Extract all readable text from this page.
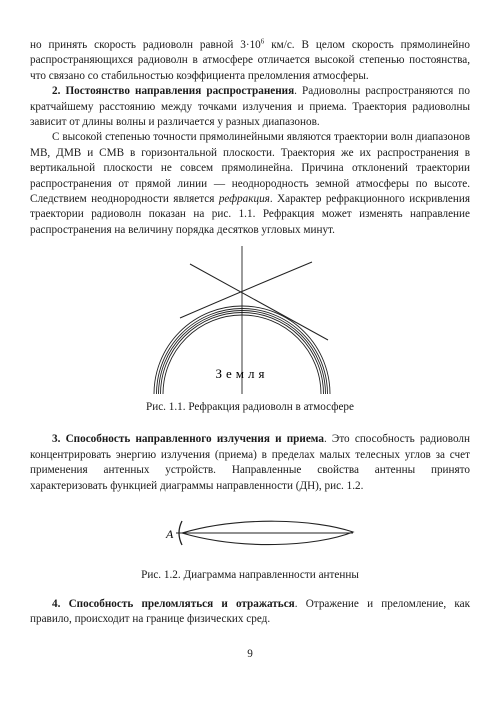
но принять скорость радиоволн равной $3\cdot 10^6$ км/с. В целом скорость прямолинейно распространяющихся радиоволн в атмосфере отличается высокой степенью постоянства, что связано со стабильностью коэффициента преломления атмосферы.

2. Постоянство направления распространения. Радиоволны распространяются по кратчайшему расстоянию между точками излучения и приема. Траектория радиоволны зависит от длины волны и различается у разных диапазонов.

С высокой степенью точности прямолинейными являются траектории волн диапазонов МВ, ДМВ и СМВ в горизонтальной плоскости. Траектория же их распространения в вертикальной плоскости не совсем прямолинейна. Причина отклонений траектории распространения от прямой линии — неоднородность земной атмосферы по высоте. Следствием неоднородности является рефракция. Характер рефракционного искривления траектории радиоволн показан на рис. 1.1. Рефракция может изменять направление распространения на величину порядка десятков угловых минут.

Земля
Рис. 1.1. Рефракция радиоволн в атмосфере

3. Способность направленного излучения и приема. Это способность радиоволн концентрировать энергию излучения (приема) в пределах малых телесных углов за счет применения антенных устройств. Направленные свойства антенны принято характеризовать функцией диаграммы направленности (ДН), рис. 1.2.

A
Рис. 1.2. Диаграмма направленности антенны

4. Способность преломляться и отражаться. Отражение и преломление, как правило, происходит на границе физических сред.

9
